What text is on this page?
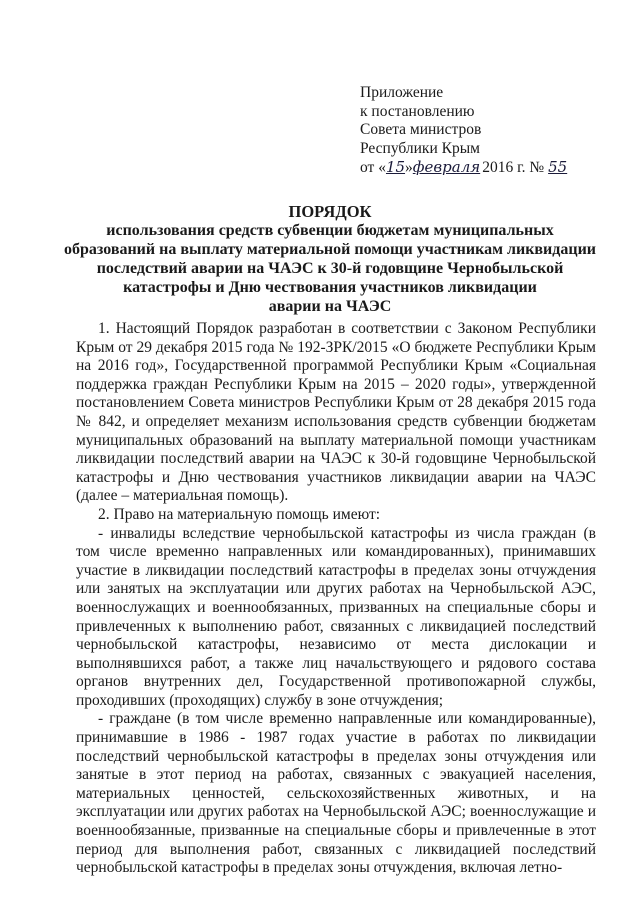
Приложение
к постановлению
Совета министров
Республики Крым
от «15»февраля 2016 г. № 55
ПОРЯДОК
использования средств субвенции бюджетам муниципальных
образований на выплату материальной помощи участникам ликвидации
последствий аварии на ЧАЭС к 30-й годовщине Чернобыльской
катастрофы и Дню чествования участников ликвидации
аварии на ЧАЭС

1. Настоящий Порядок разработан в соответствии с Законом Республики Крым от 29 декабря 2015 года № 192-ЗРК/2015 «О бюджете Республики Крым на 2016 год», Государственной программой Республики Крым «Социальная поддержка граждан Республики Крым на 2015 – 2020 годы», утвержденной постановлением Совета министров Республики Крым от 28 декабря 2015 года № 842, и определяет механизм использования средств субвенции бюджетам муниципальных образований на выплату материальной помощи участникам ликвидации последствий аварии на ЧАЭС к 30-й годовщине Чернобыльской катастрофы и Дню чествования участников ликвидации аварии на ЧАЭС (далее – материальная помощь).

2. Право на материальную помощь имеют:

- инвалиды вследствие чернобыльской катастрофы из числа граждан (в том числе временно направленных или командированных), принимавших участие в ликвидации последствий катастрофы в пределах зоны отчуждения или занятых на эксплуатации или других работах на Чернобыльской АЭС, военнослужащих и военнообязанных, призванных на специальные сборы и привлеченных к выполнению работ, связанных с ликвидацией последствий чернобыльской катастрофы, независимо от места дислокации и выполнявшихся работ, а также лиц начальствующего и рядового состава органов внутренних дел, Государственной противопожарной службы, проходивших (проходящих) службу в зоне отчуждения;

- граждане (в том числе временно направленные или командированные), принимавшие в 1986 - 1987 годах участие в работах по ликвидации последствий чернобыльской катастрофы в пределах зоны отчуждения или занятые в этот период на работах, связанных с эвакуацией населения, материальных ценностей, сельскохозяйственных животных, и на эксплуатации или других работах на Чернобыльской АЭС; военнослужащие и военнообязанные, призванные на специальные сборы и привлеченные в этот период для выполнения работ, связанных с ликвидацией последствий чернобыльской катастрофы в пределах зоны отчуждения, включая летно-
